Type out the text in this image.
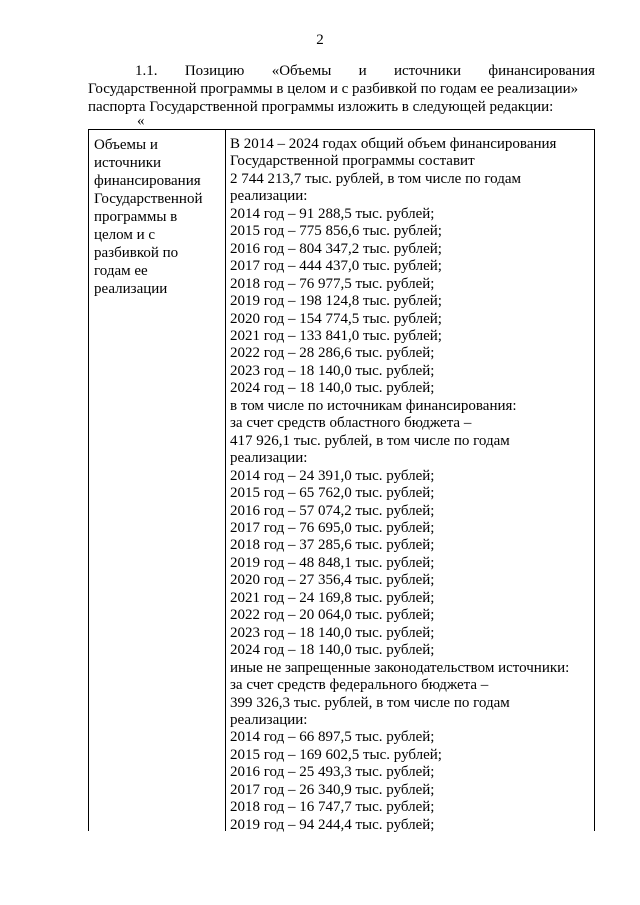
2
1.1. Позицию «Объемы и источники финансирования
Государственной программы в целом и с разбивкой по годам ее реализации»
паспорта Государственной программы изложить в следующей редакции:
«
Объемы и
источники
финансирования
Государственной
программы в
целом и с
разбивкой по
годам ее
реализации
В 2014 – 2024 годах общий объем финансирования
Государственной программы составит
2 744 213,7 тыс. рублей, в том числе по годам
реализации:
2014 год – 91 288,5 тыс. рублей;
2015 год – 775 856,6 тыс. рублей;
2016 год – 804 347,2 тыс. рублей;
2017 год – 444 437,0 тыс. рублей;
2018 год – 76 977,5 тыс. рублей;
2019 год – 198 124,8 тыс. рублей;
2020 год – 154 774,5 тыс. рублей;
2021 год – 133 841,0 тыс. рублей;
2022 год – 28 286,6 тыс. рублей;
2023 год – 18 140,0 тыс. рублей;
2024 год – 18 140,0 тыс. рублей;
в том числе по источникам финансирования:
за счет средств областного бюджета –
417 926,1 тыс. рублей, в том числе по годам
реализации:
2014 год – 24 391,0 тыс. рублей;
2015 год – 65 762,0 тыс. рублей;
2016 год – 57 074,2 тыс. рублей;
2017 год – 76 695,0 тыс. рублей;
2018 год – 37 285,6 тыс. рублей;
2019 год – 48 848,1 тыс. рублей;
2020 год – 27 356,4 тыс. рублей;
2021 год – 24 169,8 тыс. рублей;
2022 год – 20 064,0 тыс. рублей;
2023 год – 18 140,0 тыс. рублей;
2024 год – 18 140,0 тыс. рублей;
иные не запрещенные законодательством источники:
за счет средств федерального бюджета –
399 326,3 тыс. рублей, в том числе по годам
реализации:
2014 год – 66 897,5 тыс. рублей;
2015 год – 169 602,5 тыс. рублей;
2016 год – 25 493,3 тыс. рублей;
2017 год – 26 340,9 тыс. рублей;
2018 год – 16 747,7 тыс. рублей;
2019 год – 94 244,4 тыс. рублей;
